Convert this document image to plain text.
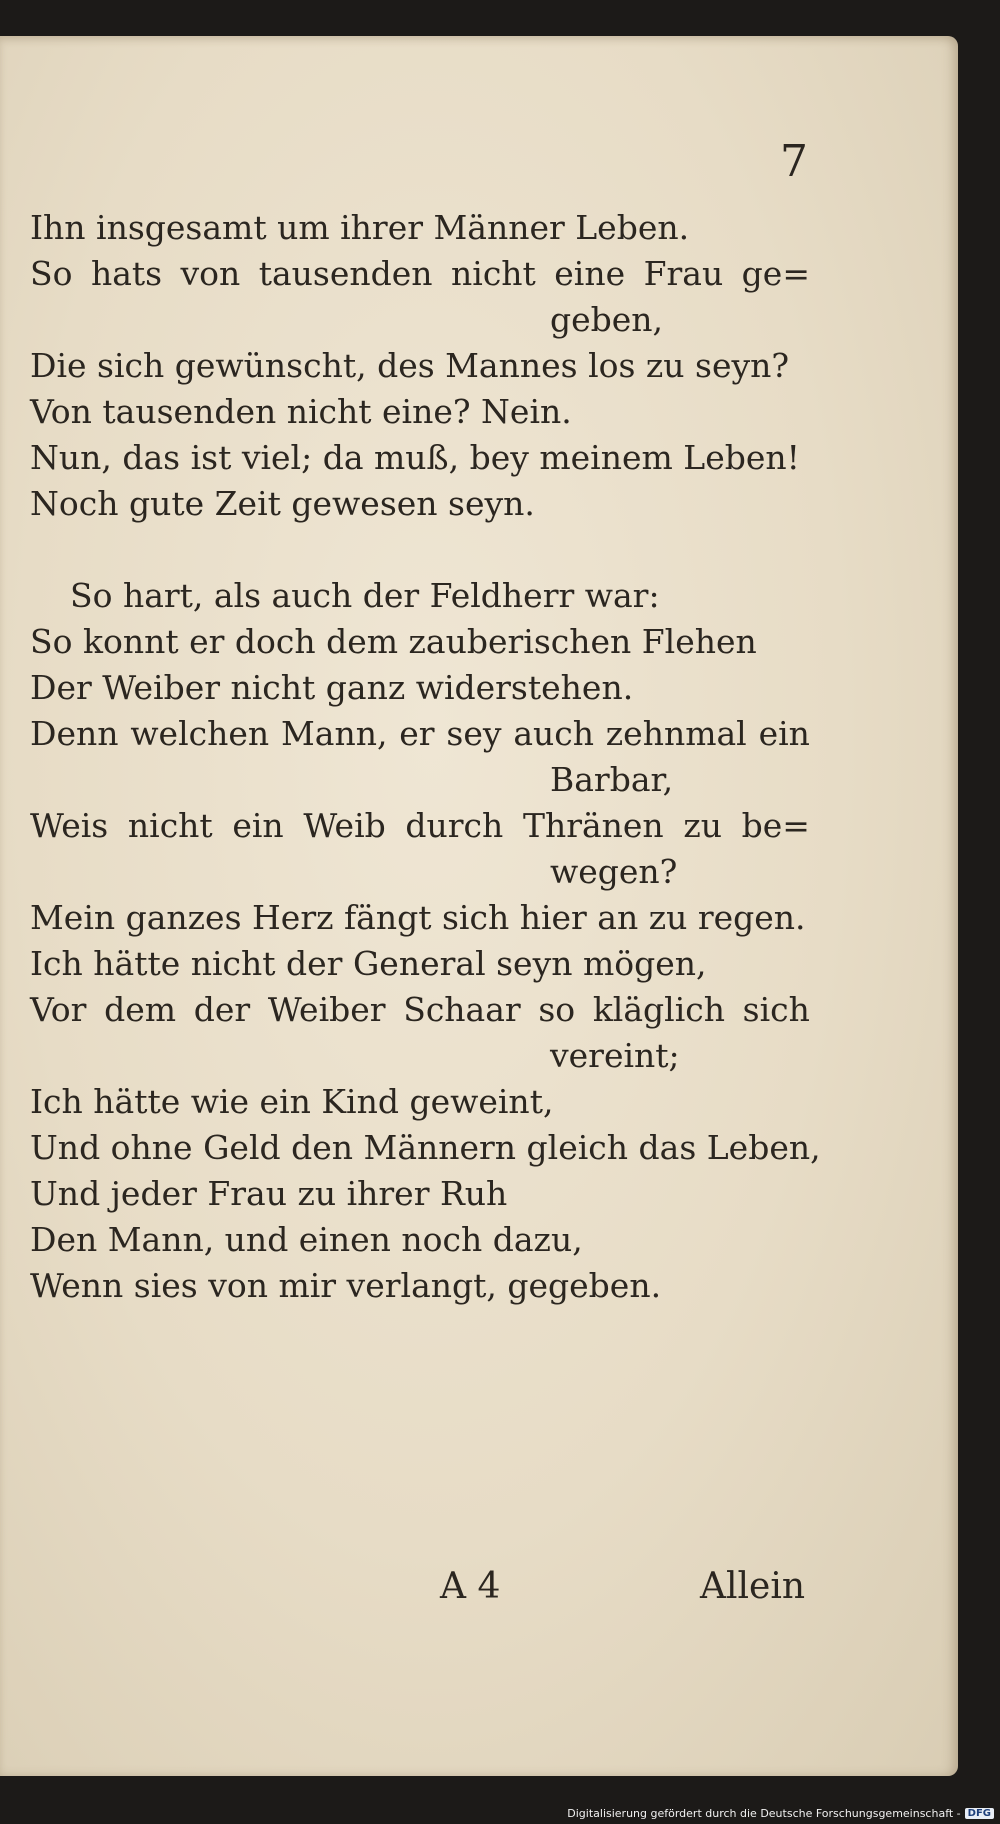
7
Ihn insgesamt um ihrer Männer Leben.
So hats von tausenden nicht eine Frau ge=
geben,
Die sich gewünscht, des Mannes los zu seyn?
Von tausenden nicht eine? Nein.
Nun, das ist viel; da muß, bey meinem Leben!
Noch gute Zeit gewesen seyn.
So hart, als auch der Feldherr war:
So konnt er doch dem zauberischen Flehen
Der Weiber nicht ganz widerstehen.
Denn welchen Mann, er sey auch zehnmal ein
Barbar,
Weis nicht ein Weib durch Thränen zu be=
wegen?
Mein ganzes Herz fängt sich hier an zu regen.
Ich hätte nicht der General seyn mögen,
Vor dem der Weiber Schaar so kläglich sich
vereint;
Ich hätte wie ein Kind geweint,
Und ohne Geld den Männern gleich das Leben,
Und jeder Frau zu ihrer Ruh
Den Mann, und einen noch dazu,
Wenn sies von mir verlangt, gegeben.
A 4	Allein
Digitalisierung gefördert durch die Deutsche Forschungsgemeinschaft - DFG
